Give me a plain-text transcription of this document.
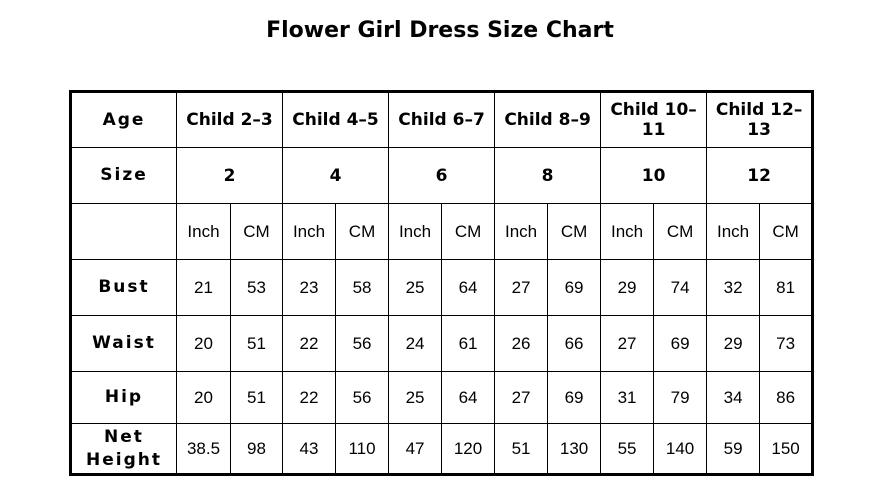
Flower Girl Dress Size Chart
Age	Child 2–3		Child 4–5		Child 6–7		Child 8–9		Child 10–11		Child 12–13	
Size	2		4		6		8		10		12	
	Inch	CM	Inch	CM	Inch	CM	Inch	CM	Inch	CM	Inch	CM
Bust	21	53	23	58	25	64	27	69	29	74	32	81
Waist	20	51	22	56	24	61	26	66	27	69	29	73
Hip	20	51	22	56	25	64	27	69	31	79	34	86
Net
Height	38.5	98	43	110	47	120	51	130	55	140	59	150
